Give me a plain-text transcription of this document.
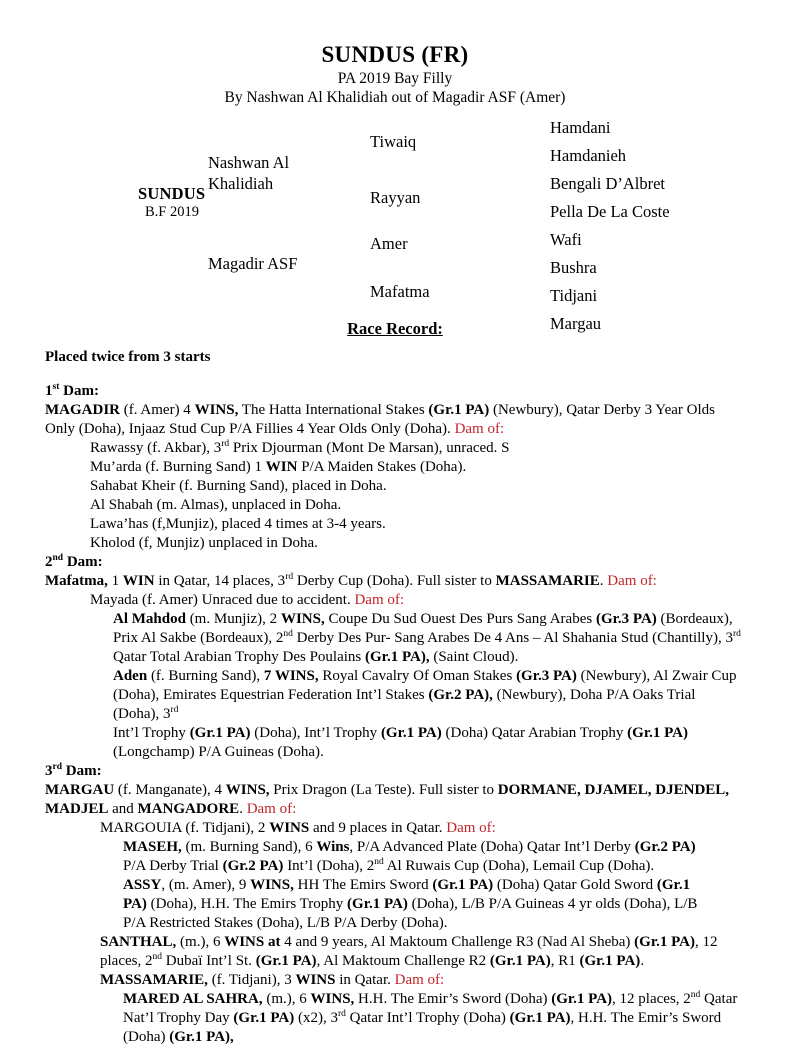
SUNDUS (FR)
PA 2019 Bay Filly
By Nashwan Al Khalidiah out of Magadir ASF (Amer)
SUNDUS
B.F 2019
Nashwan Al
Khalidiah
Magadir ASF
Tiwaiq
Rayyan
Amer
Mafatma
Hamdani
Hamdanieh
Bengali D’Albret
Pella De La Coste
Wafi
Bushra
Tidjani
Margau
Race Record:
Placed twice from 3 starts
1st Dam:

MAGADIR (f. Amer) 4 WINS, The Hatta International Stakes (Gr.1 PA) (Newbury), Qatar Derby 3 Year Olds

Only (Doha), Injaaz Stud Cup P/A Fillies 4 Year Olds Only (Doha). Dam of:

Rawassy (f. Akbar), 3rd Prix Djourman (Mont De Marsan), unraced. S

Mu’arda (f. Burning Sand) 1 WIN P/A Maiden Stakes (Doha).

Sahabat Kheir (f. Burning Sand), placed in Doha.

Al Shabah (m. Almas), unplaced in Doha.

Lawa’has (f,Munjiz), placed 4 times at 3-4 years.

Kholod (f, Munjiz) unplaced in Doha.

2nd Dam:

Mafatma, 1 WIN in Qatar, 14 places, 3rd Derby Cup (Doha). Full sister to MASSAMARIE. Dam of:

Mayada (f. Amer) Unraced due to accident. Dam of:

Al Mahdod (m. Munjiz), 2 WINS, Coupe Du Sud Ouest Des Purs Sang Arabes (Gr.3 PA) (Bordeaux),

Prix Al Sakbe (Bordeaux), 2nd Derby Des Pur- Sang Arabes De 4 Ans – Al Shahania Stud (Chantilly), 3rd

Qatar Total Arabian Trophy Des Poulains (Gr.1 PA), (Saint Cloud).

Aden (f. Burning Sand), 7 WINS, Royal Cavalry Of Oman Stakes (Gr.3 PA) (Newbury), Al Zwair Cup

(Doha), Emirates Equestrian Federation Int’l Stakes (Gr.2 PA), (Newbury), Doha P/A Oaks Trial (Doha), 3rd

Int’l Trophy (Gr.1 PA) (Doha), Int’l Trophy (Gr.1 PA) (Doha) Qatar Arabian Trophy (Gr.1 PA)

(Longchamp) P/A Guineas (Doha).

3rd Dam:

MARGAU (f. Manganate), 4 WINS, Prix Dragon (La Teste). Full sister to DORMANE, DJAMEL, DJENDEL,

MADJEL and MANGADORE. Dam of:

MARGOUIA (f. Tidjani), 2 WINS and 9 places in Qatar. Dam of:

MASEH, (m. Burning Sand), 6 Wins, P/A Advanced Plate (Doha) Qatar Int’l Derby (Gr.2 PA)

P/A Derby Trial (Gr.2 PA) Int’l (Doha), 2nd Al Ruwais Cup (Doha), Lemail Cup (Doha).

ASSY, (m. Amer), 9 WINS, HH The Emirs Sword (Gr.1 PA) (Doha) Qatar Gold Sword (Gr.1

PA) (Doha), H.H. The Emirs Trophy (Gr.1 PA) (Doha), L/B P/A Guineas 4 yr olds (Doha), L/B

P/A Restricted Stakes (Doha), L/B P/A Derby (Doha).

SANTHAL, (m.), 6 WINS at 4 and 9 years, Al Maktoum Challenge R3 (Nad Al Sheba) (Gr.1 PA), 12

places, 2nd Dubaï Int’l St. (Gr.1 PA), Al Maktoum Challenge R2 (Gr.1 PA), R1 (Gr.1 PA).

MASSAMARIE, (f. Tidjani), 3 WINS in Qatar. Dam of:

MARED AL SAHRA, (m.), 6 WINS, H.H. The Emir’s Sword (Doha) (Gr.1 PA), 12 places, 2nd Qatar

Nat’l Trophy Day (Gr.1 PA) (x2), 3rd Qatar Int’l Trophy (Doha) (Gr.1 PA), H.H. The Emir’s Sword

(Doha) (Gr.1 PA),
